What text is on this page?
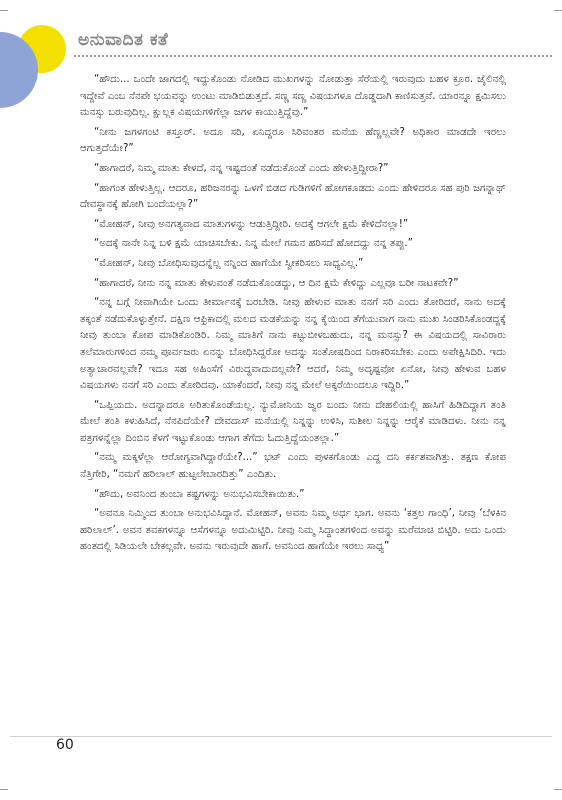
ಅನುವಾದಿತ ಕತೆ

“ಹೌದು... ಒಂದೇ ಜಾಗದಲ್ಲಿ ಇದ್ದುಕೊಂಡು ನೋಡಿದ ಮುಖಗಳನ್ನು ನೋಡುತ್ತಾ ಸೆರೆಯಲ್ಲಿ ಇರುವುದು ಬಹಳ ಕ್ರೂರ. ಜೈಲಿನಲ್ಲಿ ಇದ್ದೇವೆ ಎಂಬ ನೆನಪೇ ಭಯವನ್ನು ಉಂಟು ಮಾಡಿಬಿಡುತ್ತದೆ. ಸಣ್ಣ ಸಣ್ಣ ವಿಷಯಗಳೂ ದೊಡ್ಡದಾಗಿ ಕಾಣಿಸುತ್ತವೆ. ಯಾರನ್ನೂ ಕ್ಷಮಿಸಲು ಮನಸ್ಸು ಬರುವುದಿಲ್ಲ. ಕ್ಷುಲ್ಲಕ ವಿಷಯಗಳಿಗೆಲ್ಲಾ ಜಗಳ ಕಾಯುತ್ತಿದ್ದೆವು.”

“ನೀನು ಜಗಳಗಂಟಿ ಕಸ್ತೂರ್. ಅದೂ ಸರಿ, ಏನಿದ್ದರೂ ಸಿರಿವಂತರ ಮನೆಯ ಹೆಣ್ಣಲ್ಲವೇ? ಅಧಿಕಾರ ಮಾಡದೇ ಇರಲು ಆಗುತ್ತದೆಯೇ?”

“ಹಾಗಾದರೆ, ನಿಮ್ಮ ಮಾತು ಕೇಳದೆ, ನನ್ನ ಇಷ್ಟದಂತೆ ನಡೆದುಕೊಂಡೆ ಎಂದು ಹೇಳುತ್ತಿದ್ದೀರಾ?”

“ಹಾಗಂತ ಹೇಳುತ್ತಿಲ್ಲ. ಆದರೂ, ಹರಿಜನರನ್ನು ಒಳಗೆ ಬಿಡದ ಗುಡಿಗಳಿಗೆ ಹೋಗಕೂಡದು ಎಂದು ಹೇಳಿದರೂ ಸಹ ಪುರಿ ಜಗನ್ನಾಥ್ ದೇವಸ್ಥಾನಕ್ಕೆ ಹೋಗಿ ಬಂದೆಯಲ್ಲಾ?”

“ಮೋಹನ್, ನೀವು ಅನಗತ್ಯವಾದ ಮಾತುಗಳನ್ನು ಆಡುತ್ತಿದ್ದೀರಿ. ಅದಕ್ಕೆ ಆಗಲೇ ಕ್ಷಮೆ ಕೇಳಿದೆನಲ್ಲಾ!”

“ಅದಕ್ಕೆ ನಾನೇ ನಿನ್ನ ಬಳಿ ಕ್ಷಮೆ ಯಾಚಿಸಬೇಕು. ನಿನ್ನ ಮೇಲೆ ಗಮನ ಹರಿಸದೆ ಹೋದದ್ದು ನನ್ನ ತಪ್ಪು.”

“ಮೋಹನ್, ನೀವು ಬೋಧಿಸುವುದನ್ನೆಲ್ಲ ನನ್ನಿಂದ ಹಾಗೆಯೇ ಸ್ವೀಕರಿಸಲು ಸಾಧ್ಯವಿಲ್ಲ.”

“ಹಾಗಾದರೆ, ನೀನು ನನ್ನ ಮಾತು ಕೇಳುವಂತೆ ನಡೆದುಕೊಂಡದ್ದು, ಆ ದಿನ ಕ್ಷಮೆ ಕೇಳಿದ್ದು ಎಲ್ಲವೂ ಬರೀ ನಾಟಕವೇ?”

“ನನ್ನ ಬಗ್ಗೆ ನೀವಾಗಿಯೇ ಒಂದು ತೀರ್ಮಾನಕ್ಕೆ ಬರಬೇಡಿ. ನೀವು ಹೇಳುವ ಮಾತು ನನಗೆ ಸರಿ ಎಂದು ತೋರಿದರೆ, ನಾನು ಅದಕ್ಕೆ ತಕ್ಕಂತೆ ನಡೆದುಕೊಳ್ಳುತ್ತೇನೆ. ದಕ್ಷಿಣ ಆಫ್ರಿಕಾದಲ್ಲಿ ಮಲದ ಮಡಕೆಯನ್ನು ನನ್ನ ಕೈಯಿಂದ ತೆಗೆಯುವಾಗ ನಾನು ಮುಖ ಸಿಂಡರಿಸಿಕೊಂಡದ್ದಕ್ಕೆ ನೀವು ತುಂಬಾ ಕೋಪ ಮಾಡಿಕೊಂಡಿರಿ. ನಿಮ್ಮ ಮಾತಿಗೆ ನಾನು ಕಟ್ಟುಬೀಳಬಹುದು, ನನ್ನ ಮನಸ್ಸು? ಈ ವಿಷಯದಲ್ಲಿ ಸಾವಿರಾರು ತಲೆಮಾರುಗಳಿಂದ ನಮ್ಮ ಪೂರ್ವಜರು ಏನನ್ನು ಬೋಧಿಸಿದ್ದರೋ ಅದನ್ನು ಸಂತೋಷದಿಂದ ನಿರಾಕರಿಸಬೇಕು ಎಂದು ಅಪೇಕ್ಷಿಸಿದಿರಿ. ಇದು ಅತ್ಯಾಚಾರವಲ್ಲವೇ? ಇದೂ ಸಹ ಅಹಿಂಸೆಗೆ ವಿರುದ್ಧವಾದುದಲ್ಲವೇ? ಆದರೆ, ನಿಮ್ಮ ಅದೃಷ್ಟವೋ ಏನೋ, ನೀವು ಹೇಳುವ ಬಹಳ ವಿಷಯಗಳು ನನಗೆ ಸರಿ ಎಂದು ತೋರಿದವು. ಯಾಕೆಂದರೆ, ನೀವು ನನ್ನ ಮೇಲೆ ಅಕ್ಕರೆಯಿಂದಲೂ ಇದ್ದಿರಿ.”

“ಒಪ್ಪಿಯದು. ಅದನ್ನಾದರೂ ಅರಿತುಕೊಂಡೆಯಲ್ಲ. ನ್ಯುಮೋನಿಯ ಜ್ವರ ಬಂದು ನೀನು ದೇಹಲಿಯಲ್ಲಿ ಹಾಸಿಗೆ ಹಿಡಿದಿದ್ದಾಗ ತಂತಿ ಮೇಲೆ ತಂತಿ ಕಳುಹಿಸಿದೆ, ನೆನಪಿದೆಯೇ? ದೇವದಾಸ್ ಮನೆಯಲ್ಲಿ ನಿನ್ನನ್ನು ಉಳಿಸಿ, ಸುಶೀಲ ನಿನ್ನನ್ನು ಆರೈಕೆ ಮಾಡಿದಳು. ನೀನು ನನ್ನ ಪತ್ರಗಳನ್ನೆಲ್ಲಾ ದಿಂಬಿನ ಕೆಳಗೆ ಇಟ್ಟುಕೊಂಡು ಆಗಾಗ ತೆಗೆದು ಓದುತ್ತಿದ್ದೆಯಂತಲ್ಲಾ.”

“ನಮ್ಮ ಮಕ್ಕಳೆಲ್ಲಾ ಆರೋಗ್ಯವಾಗಿದ್ದಾರೆಯೇ?...” ಭಟ್ ಎಂದು ಪುಳಕಗೊಂಡು ಎದ್ದ ದನಿ ಕರ್ಕಶವಾಗಿತ್ತು. ತಕ್ಷಣ ಕೋಪ ನೆತ್ತಿಗೇರಿ, “ನಮಗೆ ಹರಿಲಾಲ್ ಹುಟ್ಟಲೇಬಾರದಿತ್ತು” ಎಂದಿತು.

“ಹೌದು, ಅವನಿಂದ ತುಂಬಾ ಕಷ್ಟಗಳನ್ನು ಅನುಭವಿಸಬೇಕಾಯಿತು.”

“ಅವನೂ ನಿಮ್ಮಿಂದ ತುಂಬಾ ಅನುಭವಿಸಿದ್ದಾನೆ. ಮೋಹನ್, ಅವನು ನಿಮ್ಮ ಅರ್ಧ ಭಾಗ. ಅವನು ‘ಕತ್ತಲ ಗಾಂಧಿ’, ನೀವು ‘ಬೆಳಕಿನ ಹರಿಲಾಲ್’. ಅವನ ತವಕಗಳನ್ನೂ ಆಸೆಗಳನ್ನೂ ಅದುಮಿಟ್ಟಿರಿ. ನೀವು ನಿಮ್ಮ ಸಿದ್ಧಾಂತಗಳಿಂದ ಅವನ್ನು ಮರೆಮಾಚಿ ಬಿಟ್ಟಿರಿ. ಅದು ಒಂದು ಹಂತದಲ್ಲಿ ಸಿಡಿಯಲೇ ಬೇಕಲ್ಲವೇ. ಅವನು ಇರುವುದೇ ಹಾಗೆ. ಅವನಿಂದ ಹಾಗೆಯೇ ಇರಲು ಸಾಧ್ಯ”

60
